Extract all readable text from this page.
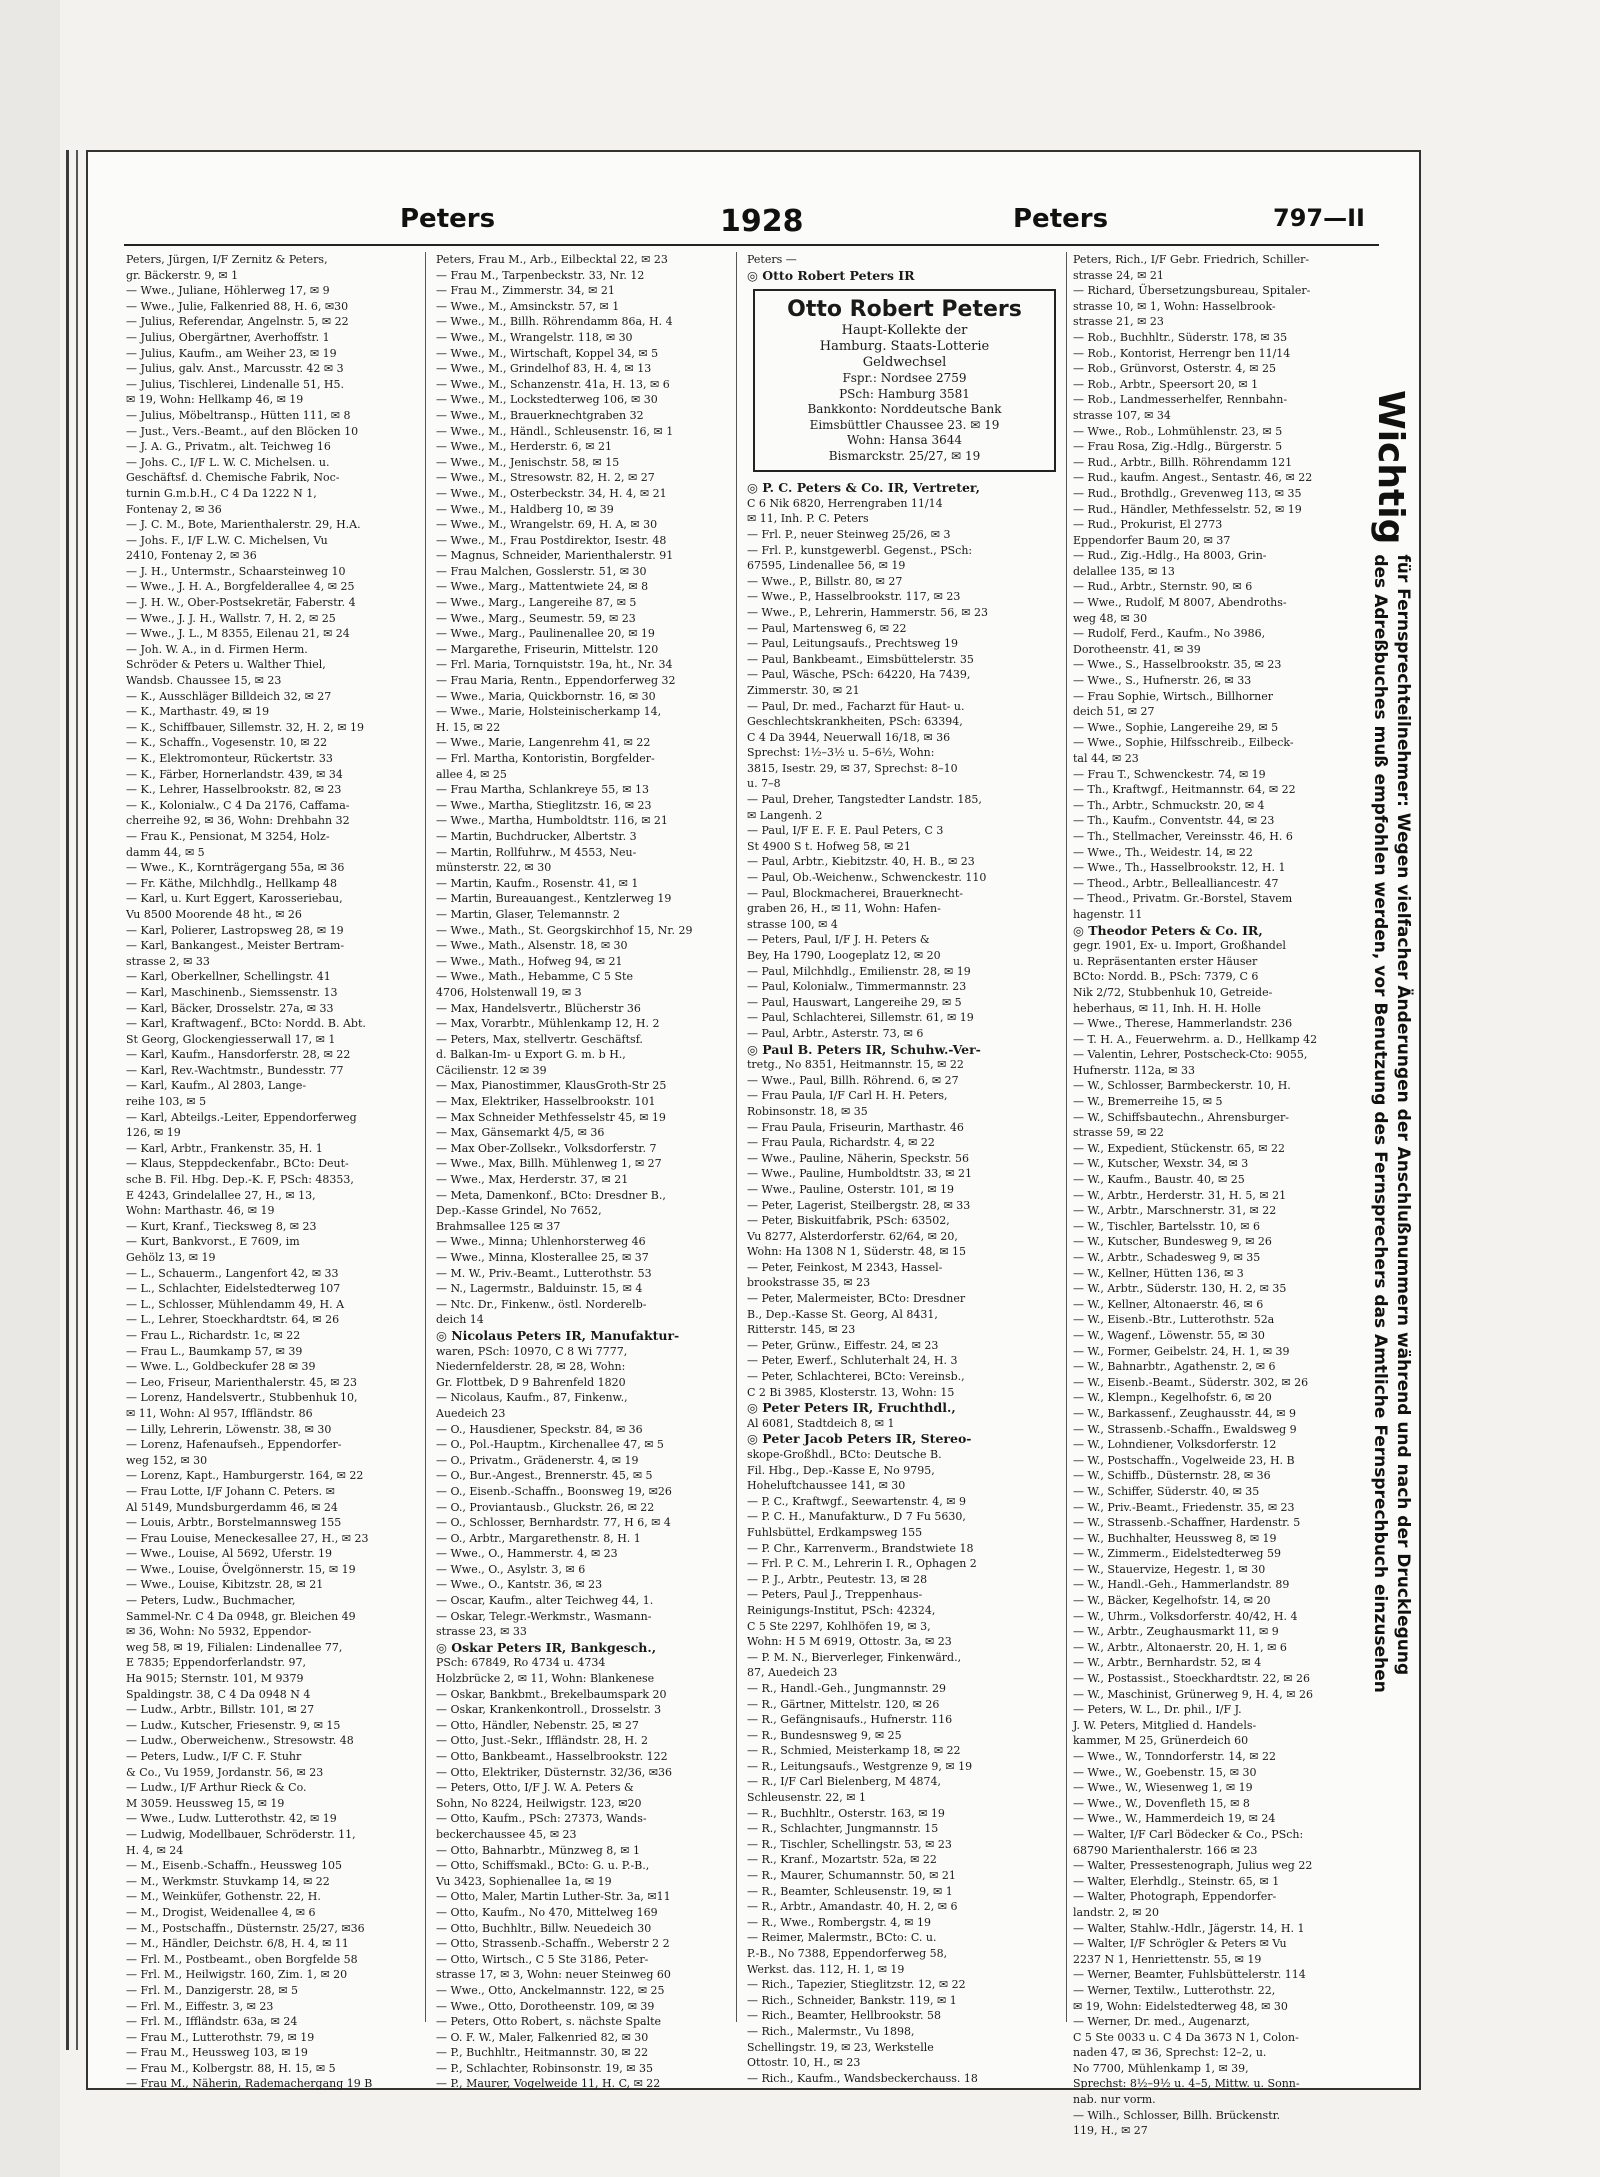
Peters	1928	Peters	797—II
Peters, Jürgen, I/F Zernitz & Peters,
gr. Bäckerstr. 9, ✉ 1
— Wwe., Juliane, Höhlerweg 17, ✉ 9
— Wwe., Julie, Falkenried 88, H. 6, ✉30
— Julius, Referendar, Angelnstr. 5, ✉ 22
— Julius, Obergärtner, Averhoffstr. 1
— Julius, Kaufm., am Weiher 23, ✉ 19
— Julius, galv. Anst., Marcusstr. 42 ✉ 3
— Julius, Tischlerei, Lindenalle 51, H5.
✉ 19, Wohn: Hellkamp 46, ✉ 19
— Julius, Möbeltransp., Hütten 111, ✉ 8
— Just., Vers.-Beamt., auf den Blöcken 10
— J. A. G., Privatm., alt. Teichweg 16
— Johs. C., I/F L. W. C. Michelsen. u.
Geschäftsf. d. Chemische Fabrik, Noc-
turnin G.m.b.H., C 4 Da 1222 N 1,
Fontenay 2, ✉ 36
— J. C. M., Bote, Marienthalerstr. 29, H.A.
— Johs. F., I/F L.W. C. Michelsen, Vu
2410, Fontenay 2, ✉ 36
— J. H., Untermstr., Schaarsteinweg 10
— Wwe., J. H. A., Borgfelderallee 4, ✉ 25
— J. H. W., Ober-Postsekretär, Faberstr. 4
— Wwe., J. J. H., Wallstr. 7, H. 2, ✉ 25
— Wwe., J. L., M 8355, Eilenau 21, ✉ 24
— Joh. W. A., in d. Firmen Herm.
Schröder & Peters u. Walther Thiel,
Wandsb. Chaussee 15, ✉ 23
— K., Ausschläger Billdeich 32, ✉ 27
— K., Marthastr. 49, ✉ 19
— K., Schiffbauer, Sillemstr. 32, H. 2, ✉ 19
— K., Schaffn., Vogesenstr. 10, ✉ 22
— K., Elektromonteur, Rückertstr. 33
— K., Färber, Hornerlandstr. 439, ✉ 34
— K., Lehrer, Hasselbrookstr. 82, ✉ 23
— K., Kolonialw., C 4 Da 2176, Caffama-
cherreihe 92, ✉ 36, Wohn: Drehbahn 32
— Frau K., Pensionat, M 3254, Holz-
damm 44, ✉ 5
— Wwe., K., Kornträgergang 55a, ✉ 36
— Fr. Käthe, Milchhdlg., Hellkamp 48
— Karl, u. Kurt Eggert, Karosseriebau,
Vu 8500 Moorende 48 ht., ✉ 26
— Karl, Polierer, Lastropsweg 28, ✉ 19
— Karl, Bankangest., Meister Bertram-
strasse 2, ✉ 33
— Karl, Oberkellner, Schellingstr. 41
— Karl, Maschinenb., Siemssenstr. 13
— Karl, Bäcker, Drosselstr. 27a, ✉ 33
— Karl, Kraftwagenf., BCto: Nordd. B. Abt.
St Georg, Glockengiesserwall 17, ✉ 1
— Karl, Kaufm., Hansdorferstr. 28, ✉ 22
— Karl, Rev.-Wachtmstr., Bundesstr. 77
— Karl, Kaufm., Al 2803, Lange-
reihe 103, ✉ 5
— Karl, Abteilgs.-Leiter, Eppendorferweg
126, ✉ 19
— Karl, Arbtr., Frankenstr. 35, H. 1
— Klaus, Steppdeckenfabr., BCto: Deut-
sche B. Fil. Hbg. Dep.-K. F, PSch: 48353,
E 4243, Grindelallee 27, H., ✉ 13,
Wohn: Marthastr. 46, ✉ 19
— Kurt, Kranf., Tiecksweg 8, ✉ 23
— Kurt, Bankvorst., E 7609, im
Gehölz 13, ✉ 19
— L., Schauerm., Langenfort 42, ✉ 33
— L., Schlachter, Eidelstedterweg 107
— L., Schlosser, Mühlendamm 49, H. A
— L., Lehrer, Stoeckhardtstr. 64, ✉ 26
— Frau L., Richardstr. 1c, ✉ 22
— Frau L., Baumkamp 57, ✉ 39
— Wwe. L., Goldbeckufer 28 ✉ 39
— Leo, Friseur, Marienthalerstr. 45, ✉ 23
— Lorenz, Handelsvertr., Stubbenhuk 10,
✉ 11, Wohn: Al 957, Iffländstr. 86
— Lilly, Lehrerin, Löwenstr. 38, ✉ 30
— Lorenz, Hafenaufseh., Eppendorfer-
weg 152, ✉ 30
— Lorenz, Kapt., Hamburgerstr. 164, ✉ 22
— Frau Lotte, I/F Johann C. Peters. ✉
Al 5149, Mundsburgerdamm 46, ✉ 24
— Louis, Arbtr., Borstelmannsweg 155
— Frau Louise, Meneckesallee 27, H., ✉ 23
— Wwe., Louise, Al 5692, Uferstr. 19
— Wwe., Louise, Övelgönnerstr. 15, ✉ 19
— Wwe., Louise, Kibitzstr. 28, ✉ 21
— Peters, Ludw., Buchmacher,
Sammel-Nr. C 4 Da 0948, gr. Bleichen 49
✉ 36, Wohn: No 5932, Eppendor-
weg 58, ✉ 19, Filialen: Lindenallee 77,
E 7835; Eppendorferlandstr. 97,
Ha 9015; Sternstr. 101, M 9379
Spaldingstr. 38, C 4 Da 0948 N 4
— Ludw., Arbtr., Billstr. 101, ✉ 27
— Ludw., Kutscher, Friesenstr. 9, ✉ 15
— Ludw., Oberweichenw., Stresowstr. 48
— Peters, Ludw., I/F C. F. Stuhr
& Co., Vu 1959, Jordanstr. 56, ✉ 23
— Ludw., I/F Arthur Rieck & Co.
M 3059. Heussweg 15, ✉ 19
— Wwe., Ludw. Lutterothstr. 42, ✉ 19
— Ludwig, Modellbauer, Schröderstr. 11,
H. 4, ✉ 24
— M., Eisenb.-Schaffn., Heussweg 105
— M., Werkmstr. Stuvkamp 14, ✉ 22
— M., Weinküfer, Gothenstr. 22, H.
— M., Drogist, Weidenallee 4, ✉ 6
— M., Postschaffn., Düsternstr. 25/27, ✉36
— M., Händler, Deichstr. 6/8, H. 4, ✉ 11
— Frl. M., Postbeamt., oben Borgfelde 58
— Frl. M., Heilwigstr. 160, Zim. 1, ✉ 20
— Frl. M., Danzigerstr. 28, ✉ 5
— Frl. M., Eiffestr. 3, ✉ 23
— Frl. M., Iffländstr. 63a, ✉ 24
— Frau M., Lutterothstr. 79, ✉ 19
— Frau M., Heussweg 103, ✉ 19
— Frau M., Kolbergstr. 88, H. 15, ✉ 5
— Frau M., Näherin, Rademachergang 19 B
Peters, Frau M., Arb., Eilbecktal 22, ✉ 23
— Frau M., Tarpenbeckstr. 33, Nr. 12
— Frau M., Zimmerstr. 34, ✉ 21
— Wwe., M., Amsinckstr. 57, ✉ 1
— Wwe., M., Billh. Röhrendamm 86a, H. 4
— Wwe., M., Wrangelstr. 118, ✉ 30
— Wwe., M., Wirtschaft, Koppel 34, ✉ 5
— Wwe., M., Grindelhof 83, H. 4, ✉ 13
— Wwe., M., Schanzenstr. 41a, H. 13, ✉ 6
— Wwe., M., Lockstedterweg 106, ✉ 30
— Wwe., M., Brauerknechtgraben 32
— Wwe., M., Händl., Schleusenstr. 16, ✉ 1
— Wwe., M., Herderstr. 6, ✉ 21
— Wwe., M., Jenischstr. 58, ✉ 15
— Wwe., M., Stresowstr. 82, H. 2, ✉ 27
— Wwe., M., Osterbeckstr. 34, H. 4, ✉ 21
— Wwe., M., Haldberg 10, ✉ 39
— Wwe., M., Wrangelstr. 69, H. A, ✉ 30
— Wwe., M., Frau Postdirektor, Isestr. 48
— Magnus, Schneider, Marienthalerstr. 91
— Frau Malchen, Gosslerstr. 51, ✉ 30
— Wwe., Marg., Mattentwiete 24, ✉ 8
— Wwe., Marg., Langereihe 87, ✉ 5
— Wwe., Marg., Seumestr. 59, ✉ 23
— Wwe., Marg., Paulinenallee 20, ✉ 19
— Margarethe, Friseurin, Mittelstr. 120
— Frl. Maria, Tornquiststr. 19a, ht., Nr. 34
— Frau Maria, Rentn., Eppendorferweg 32
— Wwe., Maria, Quickbornstr. 16, ✉ 30
— Wwe., Marie, Holsteinischerkamp 14,
H. 15, ✉ 22
— Wwe., Marie, Langenrehm 41, ✉ 22
— Frl. Martha, Kontoristin, Borgfelder-
allee 4, ✉ 25
— Frau Martha, Schlankreye 55, ✉ 13
— Wwe., Martha, Stieglitzstr. 16, ✉ 23
— Wwe., Martha, Humboldtstr. 116, ✉ 21
— Martin, Buchdrucker, Albertstr. 3
— Martin, Rollfuhrw., M 4553, Neu-
münsterstr. 22, ✉ 30
— Martin, Kaufm., Rosenstr. 41, ✉ 1
— Martin, Bureauangest., Kentzlerweg 19
— Martin, Glaser, Telemannstr. 2
— Wwe., Math., St. Georgskirchhof 15, Nr. 29
— Wwe., Math., Alsenstr. 18, ✉ 30
— Wwe., Math., Hofweg 94, ✉ 21
— Wwe., Math., Hebamme, C 5 Ste
4706, Holstenwall 19, ✉ 3
— Max, Handelsvertr., Blücherstr 36
— Max, Vorarbtr., Mühlenkamp 12, H. 2
— Peters, Max, stellvertr. Geschäftsf.
d. Balkan-Im- u Export G. m. b H.,
Cäcilienstr. 12 ✉ 39
— Max, Pianostimmer, KlausGroth-Str 25
— Max, Elektriker, Hasselbrookstr. 101
— Max Schneider Methfesselstr 45, ✉ 19
— Max, Gänsemarkt 4/5, ✉ 36
— Max Ober-Zollsekr., Volksdorferstr. 7
— Wwe., Max, Billh. Mühlenweg 1, ✉ 27
— Wwe., Max, Herderstr. 37, ✉ 21
— Meta, Damenkonf., BCto: Dresdner B.,
Dep.-Kasse Grindel, No 7652,
Brahmsallee 125 ✉ 37
— Wwe., Minna; Uhlenhorsterweg 46
— Wwe., Minna, Klosterallee 25, ✉ 37
— M. W., Priv.-Beamt., Lutterothstr. 53
— N., Lagermstr., Balduinstr. 15, ✉ 4
— Ntc. Dr., Finkenw., östl. Norderelb-
deich 14
◎ Nicolaus Peters IR, Manufaktur-
waren, PSch: 10970, C 8 Wi 7777,
Niedernfelderstr. 28, ✉ 28, Wohn:
Gr. Flottbek, D 9 Bahrenfeld 1820
— Nicolaus, Kaufm., 87, Finkenw.,
Auedeich 23
— O., Hausdiener, Speckstr. 84, ✉ 36
— O., Pol.-Hauptm., Kirchenallee 47, ✉ 5
— O., Privatm., Grädenerstr. 4, ✉ 19
— O., Bur.-Angest., Brennerstr. 45, ✉ 5
— O., Eisenb.-Schaffn., Boonsweg 19, ✉26
— O., Proviantausb., Gluckstr. 26, ✉ 22
— O., Schlosser, Bernhardstr. 77, H 6, ✉ 4
— O., Arbtr., Margarethenstr. 8, H. 1
— Wwe., O., Hammerstr. 4, ✉ 23
— Wwe., O., Asylstr. 3, ✉ 6
— Wwe., O., Kantstr. 36, ✉ 23
— Oscar, Kaufm., alter Teichweg 44, 1.
— Oskar, Telegr.-Werkmstr., Wasmann-
strasse 23, ✉ 33
◎ Oskar Peters IR, Bankgesch.,
PSch: 67849, Ro 4734 u. 4734
Holzbrücke 2, ✉ 11, Wohn: Blankenese
— Oskar, Bankbmt., Brekelbaumspark 20
— Oskar, Krankenkontroll., Drosselstr. 3
— Otto, Händler, Nebenstr. 25, ✉ 27
— Otto, Just.-Sekr., Iffländstr. 28, H. 2
— Otto, Bankbeamt., Hasselbrookstr. 122
— Otto, Elektriker, Düsternstr. 32/36, ✉36
— Peters, Otto, I/F J. W. A. Peters &
Sohn, No 8224, Heilwigstr. 123, ✉20
— Otto, Kaufm., PSch: 27373, Wands-
beckerchaussee 45, ✉ 23
— Otto, Bahnarbtr., Münzweg 8, ✉ 1
— Otto, Schiffsmakl., BCto: G. u. P.-B.,
Vu 3423, Sophienallee 1a, ✉ 19
— Otto, Maler, Martin Luther-Str. 3a, ✉11
— Otto, Kaufm., No 470, Mittelweg 169
— Otto, Buchhltr., Billw. Neuedeich 30
— Otto, Strassenb.-Schaffn., Weberstr 2 2
— Otto, Wirtsch., C 5 Ste 3186, Peter-
strasse 17, ✉ 3, Wohn: neuer Steinweg 60
— Wwe., Otto, Anckelmannstr. 122, ✉ 25
— Wwe., Otto, Dorotheenstr. 109, ✉ 39
— Peters, Otto Robert, s. nächste Spalte
— O. F. W., Maler, Falkenried 82, ✉ 30
— P., Buchhltr., Heitmannstr. 30, ✉ 22
— P., Schlachter, Robinsonstr. 19, ✉ 35
— P., Maurer, Vogelweide 11, H. C, ✉ 22
Peters —
◎ Otto Robert Peters IR
Otto Robert Peters
Haupt-Kollekte der
Hamburg. Staats-Lotterie
Geldwechsel
Fspr.: Nordsee 2759
PSch: Hamburg 3581
Bankkonto: Norddeutsche Bank
Eimsbüttler Chaussee 23. ✉ 19
Wohn: Hansa 3644
Bismarckstr. 25/27, ✉ 19
◎ P. C. Peters & Co. IR, Vertreter,
C 6 Nik 6820, Herrengraben 11/14
✉ 11, Inh. P. C. Peters
— Frl. P., neuer Steinweg 25/26, ✉ 3
— Frl. P., kunstgewerbl. Gegenst., PSch:
67595, Lindenallee 56, ✉ 19
— Wwe., P., Billstr. 80, ✉ 27
— Wwe., P., Hasselbrookstr. 117, ✉ 23
— Wwe., P., Lehrerin, Hammerstr. 56, ✉ 23
— Paul, Martensweg 6, ✉ 22
— Paul, Leitungsaufs., Prechtsweg 19
— Paul, Bankbeamt., Eimsbüttelerstr. 35
— Paul, Wäsche, PSch: 64220, Ha 7439,
Zimmerstr. 30, ✉ 21
— Paul, Dr. med., Facharzt für Haut- u.
Geschlechtskrankheiten, PSch: 63394,
C 4 Da 3944, Neuerwall 16/18, ✉ 36
Sprechst: 1½–3½ u. 5–6½, Wohn:
3815, Isestr. 29, ✉ 37, Sprechst: 8–10
u. 7–8
— Paul, Dreher, Tangstedter Landstr. 185,
✉ Langenh. 2
— Paul, I/F E. F. E. Paul Peters, C 3
St 4900 S t. Hofweg 58, ✉ 21
— Paul, Arbtr., Kiebitzstr. 40, H. B., ✉ 23
— Paul, Ob.-Weichenw., Schwenckestr. 110
— Paul, Blockmacherei, Brauerknecht-
graben 26, H., ✉ 11, Wohn: Hafen-
strasse 100, ✉ 4
— Peters, Paul, I/F J. H. Peters &
Bey, Ha 1790, Loogeplatz 12, ✉ 20
— Paul, Milchhdlg., Emilienstr. 28, ✉ 19
— Paul, Kolonialw., Timmermannstr. 23
— Paul, Hauswart, Langereihe 29, ✉ 5
— Paul, Schlachterei, Sillemstr. 61, ✉ 19
— Paul, Arbtr., Asterstr. 73, ✉ 6
◎ Paul B. Peters IR, Schuhw.-Ver-
tretg., No 8351, Heitmannstr. 15, ✉ 22
— Wwe., Paul, Billh. Röhrend. 6, ✉ 27
— Frau Paula, I/F Carl H. H. Peters,
Robinsonstr. 18, ✉ 35
— Frau Paula, Friseurin, Marthastr. 46
— Frau Paula, Richardstr. 4, ✉ 22
— Wwe., Pauline, Näherin, Speckstr. 56
— Wwe., Pauline, Humboldtstr. 33, ✉ 21
— Wwe., Pauline, Osterstr. 101, ✉ 19
— Peter, Lagerist, Steilbergstr. 28, ✉ 33
— Peter, Biskuitfabrik, PSch: 63502,
Vu 8277, Alsterdorferstr. 62/64, ✉ 20,
Wohn: Ha 1308 N 1, Süderstr. 48, ✉ 15
— Peter, Feinkost, M 2343, Hassel-
brookstrasse 35, ✉ 23
— Peter, Malermeister, BCto: Dresdner
B., Dep.-Kasse St. Georg, Al 8431,
Ritterstr. 145, ✉ 23
— Peter, Grünw., Eiffestr. 24, ✉ 23
— Peter, Ewerf., Schluterhalt 24, H. 3
— Peter, Schlachterei, BCto: Vereinsb.,
C 2 Bi 3985, Klosterstr. 13, Wohn: 15
◎ Peter Peters IR, Fruchthdl.,
Al 6081, Stadtdeich 8, ✉ 1
◎ Peter Jacob Peters IR, Stereo-
skope-Großhdl., BCto: Deutsche B.
Fil. Hbg., Dep.-Kasse E, No 9795,
Hoheluftchaussee 141, ✉ 30
— P. C., Kraftwgf., Seewartenstr. 4, ✉ 9
— P. C. H., Manufakturw., D 7 Fu 5630,
Fuhlsbüttel, Erdkampsweg 155
— P. Chr., Karrenverm., Brandstwiete 18
— Frl. P. C. M., Lehrerin I. R., Ophagen 2
— P. J., Arbtr., Peutestr. 13, ✉ 28
— Peters, Paul J., Treppenhaus-
Reinigungs-Institut, PSch: 42324,
C 5 Ste 2297, Kohlhöfen 19, ✉ 3,
Wohn: H 5 M 6919, Ottostr. 3a, ✉ 23
— P. M. N., Bierverleger, Finkenwärd.,
87, Auedeich 23
— R., Handl.-Geh., Jungmannstr. 29
— R., Gärtner, Mittelstr. 120, ✉ 26
— R., Gefängnisaufs., Hufnerstr. 116
— R., Bundesnsweg 9, ✉ 25
— R., Schmied, Meisterkamp 18, ✉ 22
— R., Leitungsaufs., Westgrenze 9, ✉ 19
— R., I/F Carl Bielenberg, M 4874,
Schleusenstr. 22, ✉ 1
— R., Buchhltr., Osterstr. 163, ✉ 19
— R., Schlachter, Jungmannstr. 15
— R., Tischler, Schellingstr. 53, ✉ 23
— R., Kranf., Mozartstr. 52a, ✉ 22
— R., Maurer, Schumannstr. 50, ✉ 21
— R., Beamter, Schleusenstr. 19, ✉ 1
— R., Arbtr., Amandastr. 40, H. 2, ✉ 6
— R., Wwe., Rombergstr. 4, ✉ 19
— Reimer, Malermstr., BCto: C. u.
P.-B., No 7388, Eppendorferweg 58,
Werkst. das. 112, H. 1, ✉ 19
— Rich., Tapezier, Stieglitzstr. 12, ✉ 22
— Rich., Schneider, Bankstr. 119, ✉ 1
— Rich., Beamter, Hellbrookstr. 58
— Rich., Malermstr., Vu 1898,
Schellingstr. 19, ✉ 23, Werkstelle
Ottostr. 10, H., ✉ 23
— Rich., Kaufm., Wandsbeckerchauss. 18
Peters, Rich., I/F Gebr. Friedrich, Schiller-
strasse 24, ✉ 21
— Richard, Übersetzungsbureau, Spitaler-
strasse 10, ✉ 1, Wohn: Hasselbrook-
strasse 21, ✉ 23
— Rob., Buchhltr., Süderstr. 178, ✉ 35
— Rob., Kontorist, Herrengr ben 11/14
— Rob., Grünvorst, Osterstr. 4, ✉ 25
— Rob., Arbtr., Speersort 20, ✉ 1
— Rob., Landmesserhelfer, Rennbahn-
strasse 107, ✉ 34
— Wwe., Rob., Lohmühlenstr. 23, ✉ 5
— Frau Rosa, Zig.-Hdlg., Bürgerstr. 5
— Rud., Arbtr., Billh. Röhrendamm 121
— Rud., kaufm. Angest., Sentastr. 46, ✉ 22
— Rud., Brothdlg., Grevenweg 113, ✉ 35
— Rud., Händler, Methfesselstr. 52, ✉ 19
— Rud., Prokurist, El 2773
Eppendorfer Baum 20, ✉ 37
— Rud., Zig.-Hdlg., Ha 8003, Grin-
delallee 135, ✉ 13
— Rud., Arbtr., Sternstr. 90, ✉ 6
— Wwe., Rudolf, M 8007, Abendroths-
weg 48, ✉ 30
— Rudolf, Ferd., Kaufm., No 3986,
Dorotheenstr. 41, ✉ 39
— Wwe., S., Hasselbrookstr. 35, ✉ 23
— Wwe., S., Hufnerstr. 26, ✉ 33
— Frau Sophie, Wirtsch., Billhorner
deich 51, ✉ 27
— Wwe., Sophie, Langereihe 29, ✉ 5
— Wwe., Sophie, Hilfsschreib., Eilbeck-
tal 44, ✉ 23
— Frau T., Schwenckestr. 74, ✉ 19
— Th., Kraftwgf., Heitmannstr. 64, ✉ 22
— Th., Arbtr., Schmuckstr. 20, ✉ 4
— Th., Kaufm., Conventstr. 44, ✉ 23
— Th., Stellmacher, Vereinsstr. 46, H. 6
— Wwe., Th., Weidestr. 14, ✉ 22
— Wwe., Th., Hasselbrookstr. 12, H. 1
— Theod., Arbtr., Bellealliancestr. 47
— Theod., Privatm. Gr.-Borstel, Stavem
hagenstr. 11
◎ Theodor Peters & Co. IR,
gegr. 1901, Ex- u. Import, Großhandel
u. Repräsentanten erster Häuser
BCto: Nordd. B., PSch: 7379, C 6
Nik 2/72, Stubbenhuk 10, Getreide-
heberhaus, ✉ 11, Inh. H. H. Holle
— Wwe., Therese, Hammerlandstr. 236
— T. H. A., Feuerwehrm. a. D., Hellkamp 42
— Valentin, Lehrer, Postscheck-Cto: 9055,
Hufnerstr. 112a, ✉ 33
— W., Schlosser, Barmbeckerstr. 10, H.
— W., Bremerreihe 15, ✉ 5
— W., Schiffsbautechn., Ahrensburger-
strasse 59, ✉ 22
— W., Expedient, Stückenstr. 65, ✉ 22
— W., Kutscher, Wexstr. 34, ✉ 3
— W., Kaufm., Baustr. 40, ✉ 25
— W., Arbtr., Herderstr. 31, H. 5, ✉ 21
— W., Arbtr., Marschnerstr. 31, ✉ 22
— W., Tischler, Bartelsstr. 10, ✉ 6
— W., Kutscher, Bundesweg 9, ✉ 26
— W., Arbtr., Schadesweg 9, ✉ 35
— W., Kellner, Hütten 136, ✉ 3
— W., Arbtr., Süderstr. 130, H. 2, ✉ 35
— W., Kellner, Altonaerstr. 46, ✉ 6
— W., Eisenb.-Btr., Lutterothstr. 52a
— W., Wagenf., Löwenstr. 55, ✉ 30
— W., Former, Geibelstr. 24, H. 1, ✉ 39
— W., Bahnarbtr., Agathenstr. 2, ✉ 6
— W., Eisenb.-Beamt., Süderstr. 302, ✉ 26
— W., Klempn., Kegelhofstr. 6, ✉ 20
— W., Barkassenf., Zeughausstr. 44, ✉ 9
— W., Strassenb.-Schaffn., Ewaldsweg 9
— W., Lohndiener, Volksdorferstr. 12
— W., Postschaffn., Vogelweide 23, H. B
— W., Schiffb., Düsternstr. 28, ✉ 36
— W., Schiffer, Süderstr. 40, ✉ 35
— W., Priv.-Beamt., Friedenstr. 35, ✉ 23
— W., Strassenb.-Schaffner, Hardenstr. 5
— W., Buchhalter, Heussweg 8, ✉ 19
— W., Zimmerm., Eidelstedterweg 59
— W., Stauervize, Hegestr. 1, ✉ 30
— W., Handl.-Geh., Hammerlandstr. 89
— W., Bäcker, Kegelhofstr. 14, ✉ 20
— W., Uhrm., Volksdorferstr. 40/42, H. 4
— W., Arbtr., Zeughausmarkt 11, ✉ 9
— W., Arbtr., Altonaerstr. 20, H. 1, ✉ 6
— W., Arbtr., Bernhardstr. 52, ✉ 4
— W., Postassist., Stoeckhardtstr. 22, ✉ 26
— W., Maschinist, Grünerweg 9, H. 4, ✉ 26
— Peters, W. L., Dr. phil., I/F J.
J. W. Peters, Mitglied d. Handels-
kammer, M 25, Grünerdeich 60
— Wwe., W., Tonndorferstr. 14, ✉ 22
— Wwe., W., Goebenstr. 15, ✉ 30
— Wwe., W., Wiesenweg 1, ✉ 19
— Wwe., W., Dovenfleth 15, ✉ 8
— Wwe., W., Hammerdeich 19, ✉ 24
— Walter, I/F Carl Bödecker & Co., PSch:
68790 Marienthalerstr. 166 ✉ 23
— Walter, Pressestenograph, Julius weg 22
— Walter, Elerhdlg., Steinstr. 65, ✉ 1
— Walter, Photograph, Eppendorfer-
landstr. 2, ✉ 20
— Walter, Stahlw.-Hdlr., Jägerstr. 14, H. 1
— Walter, I/F Schrögler & Peters ✉ Vu
2237 N 1, Henriettenstr. 55, ✉ 19
— Werner, Beamter, Fuhlsbüttelerstr. 114
— Werner, Textilw., Lutterothstr. 22,
✉ 19, Wohn: Eidelstedterweg 48, ✉ 30
— Werner, Dr. med., Augenarzt,
C 5 Ste 0033 u. C 4 Da 3673 N 1, Colon-
naden 47, ✉ 36, Sprechst: 12–2, u.
No 7700, Mühlenkamp 1, ✉ 39,
Sprechst: 8½–9½ u. 4–5, Mittw. u. Sonn-
nab. nur vorm.
— Wilh., Schlosser, Billh. Brückenstr.
119, H., ✉ 27
Wichtig
für Fernsprechteilnehmer: Wegen vielfacher Änderungen der Anschlußnummern während und nach der Drucklegung
des Adreßbuches muß empfohlen werden, vor Benutzung des Fernsprechers das Amtliche Fernsprechbuch einzusehen
